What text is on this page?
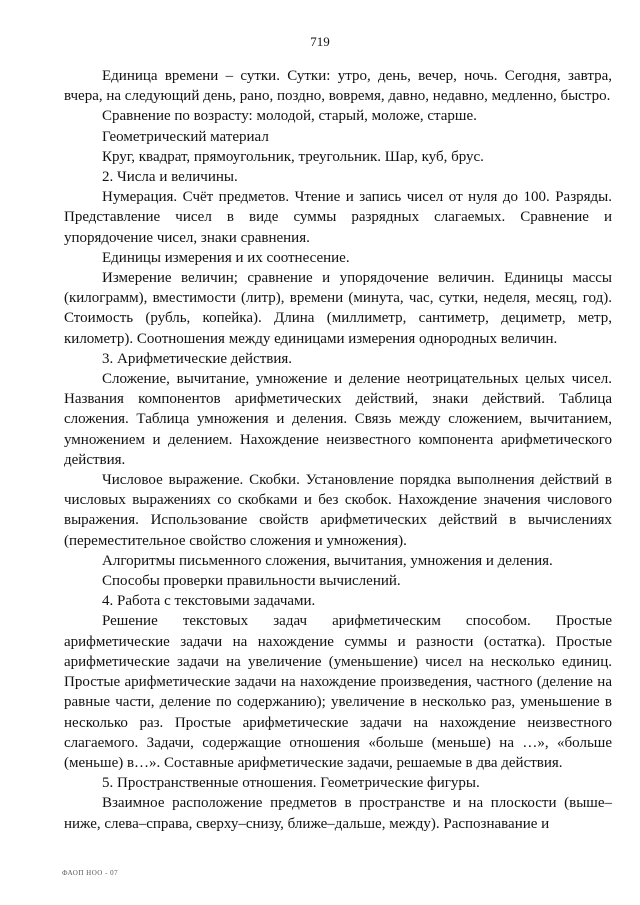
719

Единица времени – сутки. Сутки: утро, день, вечер, ночь. Сегодня, завтра, вчера, на следующий день, рано, поздно, вовремя, давно, недавно, медленно, быстро.

Сравнение по возрасту: молодой, старый, моложе, старше.

Геометрический материал

Круг, квадрат, прямоугольник, треугольник. Шар, куб, брус.

2. Числа и величины.

Нумерация. Счёт предметов. Чтение и запись чисел от нуля до 100. Разряды. Представление чисел в виде суммы разрядных слагаемых. Сравнение и упорядочение чисел, знаки сравнения.

Единицы измерения и их соотнесение.

Измерение величин; сравнение и упорядочение величин. Единицы массы (килограмм), вместимости (литр), времени (минута, час, сутки, неделя, месяц, год). Стоимость (рубль, копейка). Длина (миллиметр, сантиметр, дециметр, метр, километр). Соотношения между единицами измерения однородных величин.

3. Арифметические действия.

Сложение, вычитание, умножение и деление неотрицательных целых чисел. Названия компонентов арифметических действий, знаки действий. Таблица сложения. Таблица умножения и деления. Связь между сложением, вычитанием, умножением и делением. Нахождение неизвестного компонента арифметического действия.

Числовое выражение. Скобки. Установление порядка выполнения действий в числовых выражениях со скобками и без скобок. Нахождение значения числового выражения. Использование свойств арифметических действий в вычислениях (переместительное свойство сложения и умножения).

Алгоритмы письменного сложения, вычитания, умножения и деления.

Способы проверки правильности вычислений.

4. Работа с текстовыми задачами.

Решение текстовых задач арифметическим способом. Простые арифметические задачи на нахождение суммы и разности (остатка). Простые арифметические задачи на увеличение (уменьшение) чисел на несколько единиц. Простые арифметические задачи на нахождение произведения, частного (деление на равные части, деление по содержанию); увеличение в несколько раз, уменьшение в несколько раз. Простые арифметические задачи на нахождение неизвестного слагаемого. Задачи, содержащие отношения «больше (меньше) на …», «больше (меньше) в…». Составные арифметические задачи, решаемые в два действия.

5. Пространственные отношения. Геометрические фигуры.

Взаимное расположение предметов в пространстве и на плоскости (выше–ниже, слева–справа, сверху–снизу, ближе–дальше, между). Распознавание и

ФАОП НОО - 07
